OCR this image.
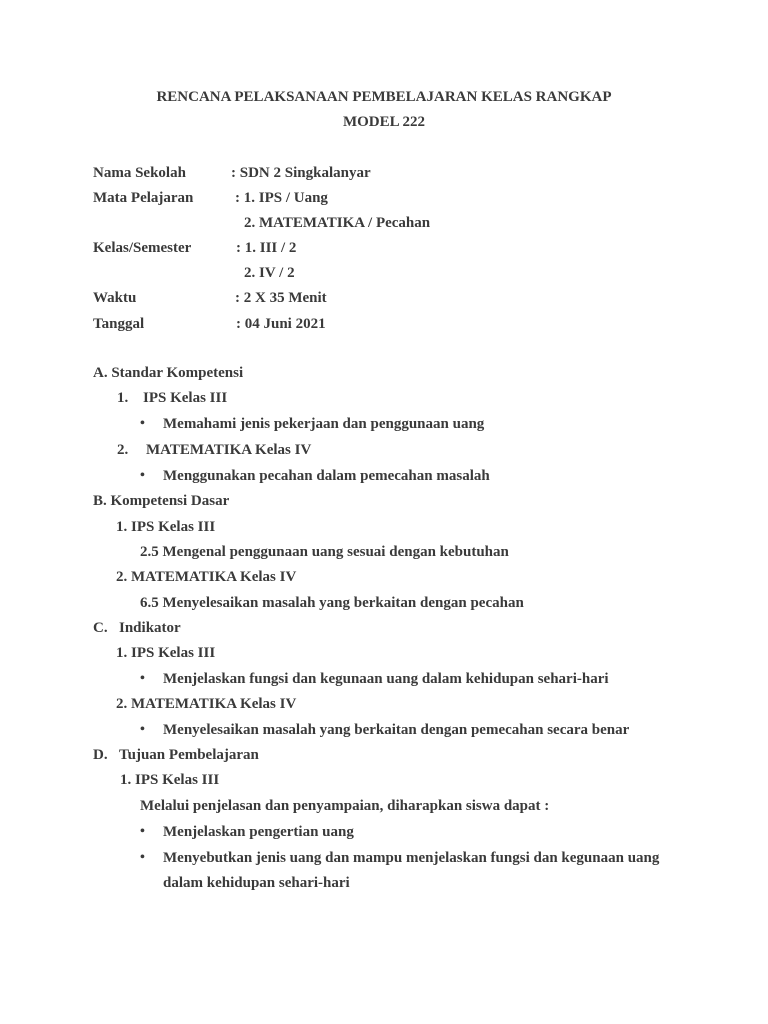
RENCANA PELAKSANAAN PEMBELAJARAN KELAS RANGKAP
MODEL 222
Nama Sekolah	: SDN 2 Singkalanyar
Mata Pelajaran	: 1. IPS / Uang
2. MATEMATIKA / Pecahan
Kelas/Semester	: 1. III / 2
2. IV / 2
Waktu	: 2 X 35 Menit
Tanggal	: 04 Juni 2021
A. Standar Kompetensi
1. IPS Kelas III
• Memahami jenis pekerjaan dan penggunaan uang
2. MATEMATIKA Kelas IV
• Menggunakan pecahan dalam pemecahan masalah
B. Kompetensi Dasar
1. IPS Kelas III
2.5 Mengenal penggunaan uang sesuai dengan kebutuhan
2. MATEMATIKA Kelas IV
6.5 Menyelesaikan masalah yang berkaitan dengan pecahan
C. Indikator
1. IPS Kelas III
• Menjelaskan fungsi dan kegunaan uang dalam kehidupan sehari-hari
2. MATEMATIKA Kelas IV
• Menyelesaikan masalah yang berkaitan dengan pemecahan secara benar
D. Tujuan Pembelajaran
1. IPS Kelas III
Melalui penjelasan dan penyampaian, diharapkan siswa dapat :
• Menjelaskan pengertian uang
• Menyebutkan jenis uang dan mampu menjelaskan fungsi dan kegunaan uang
dalam kehidupan sehari-hari
